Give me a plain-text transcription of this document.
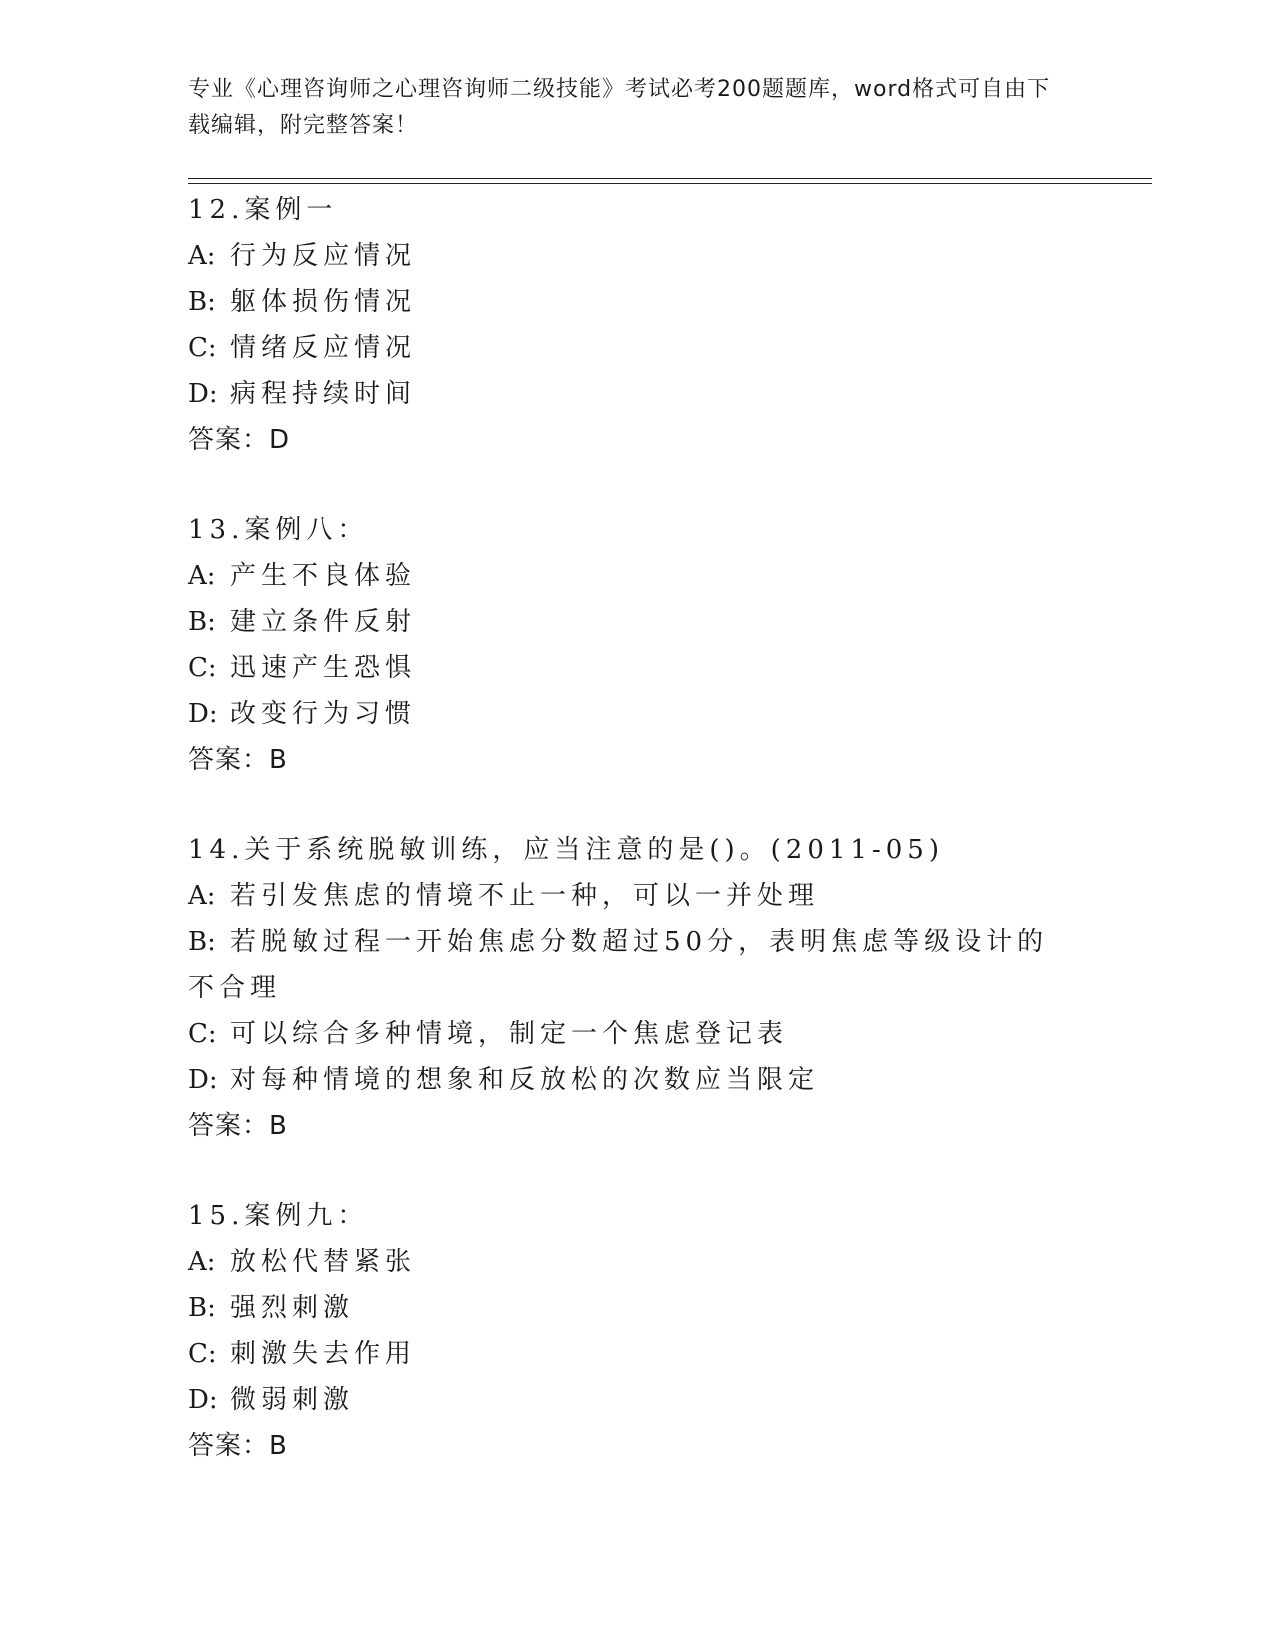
专业《心理咨询师之心理咨询师二级技能》考试必考200题题库，word格式可自由下载编辑，附完整答案！
12.案例一
A: 行为反应情况
B: 躯体损伤情况
C: 情绪反应情况
D: 病程持续时间
答案：D
13.案例八：
A: 产生不良体验
B: 建立条件反射
C: 迅速产生恐惧
D: 改变行为习惯
答案：B
14.关于系统脱敏训练，应当注意的是()。(2011-05)
A: 若引发焦虑的情境不止一种，可以一并处理
B: 若脱敏过程一开始焦虑分数超过50分，表明焦虑等级设计的不合理
C: 可以综合多种情境，制定一个焦虑登记表
D: 对每种情境的想象和反放松的次数应当限定
答案：B
15.案例九：
A: 放松代替紧张
B: 强烈刺激
C: 刺激失去作用
D: 微弱刺激
答案：B
